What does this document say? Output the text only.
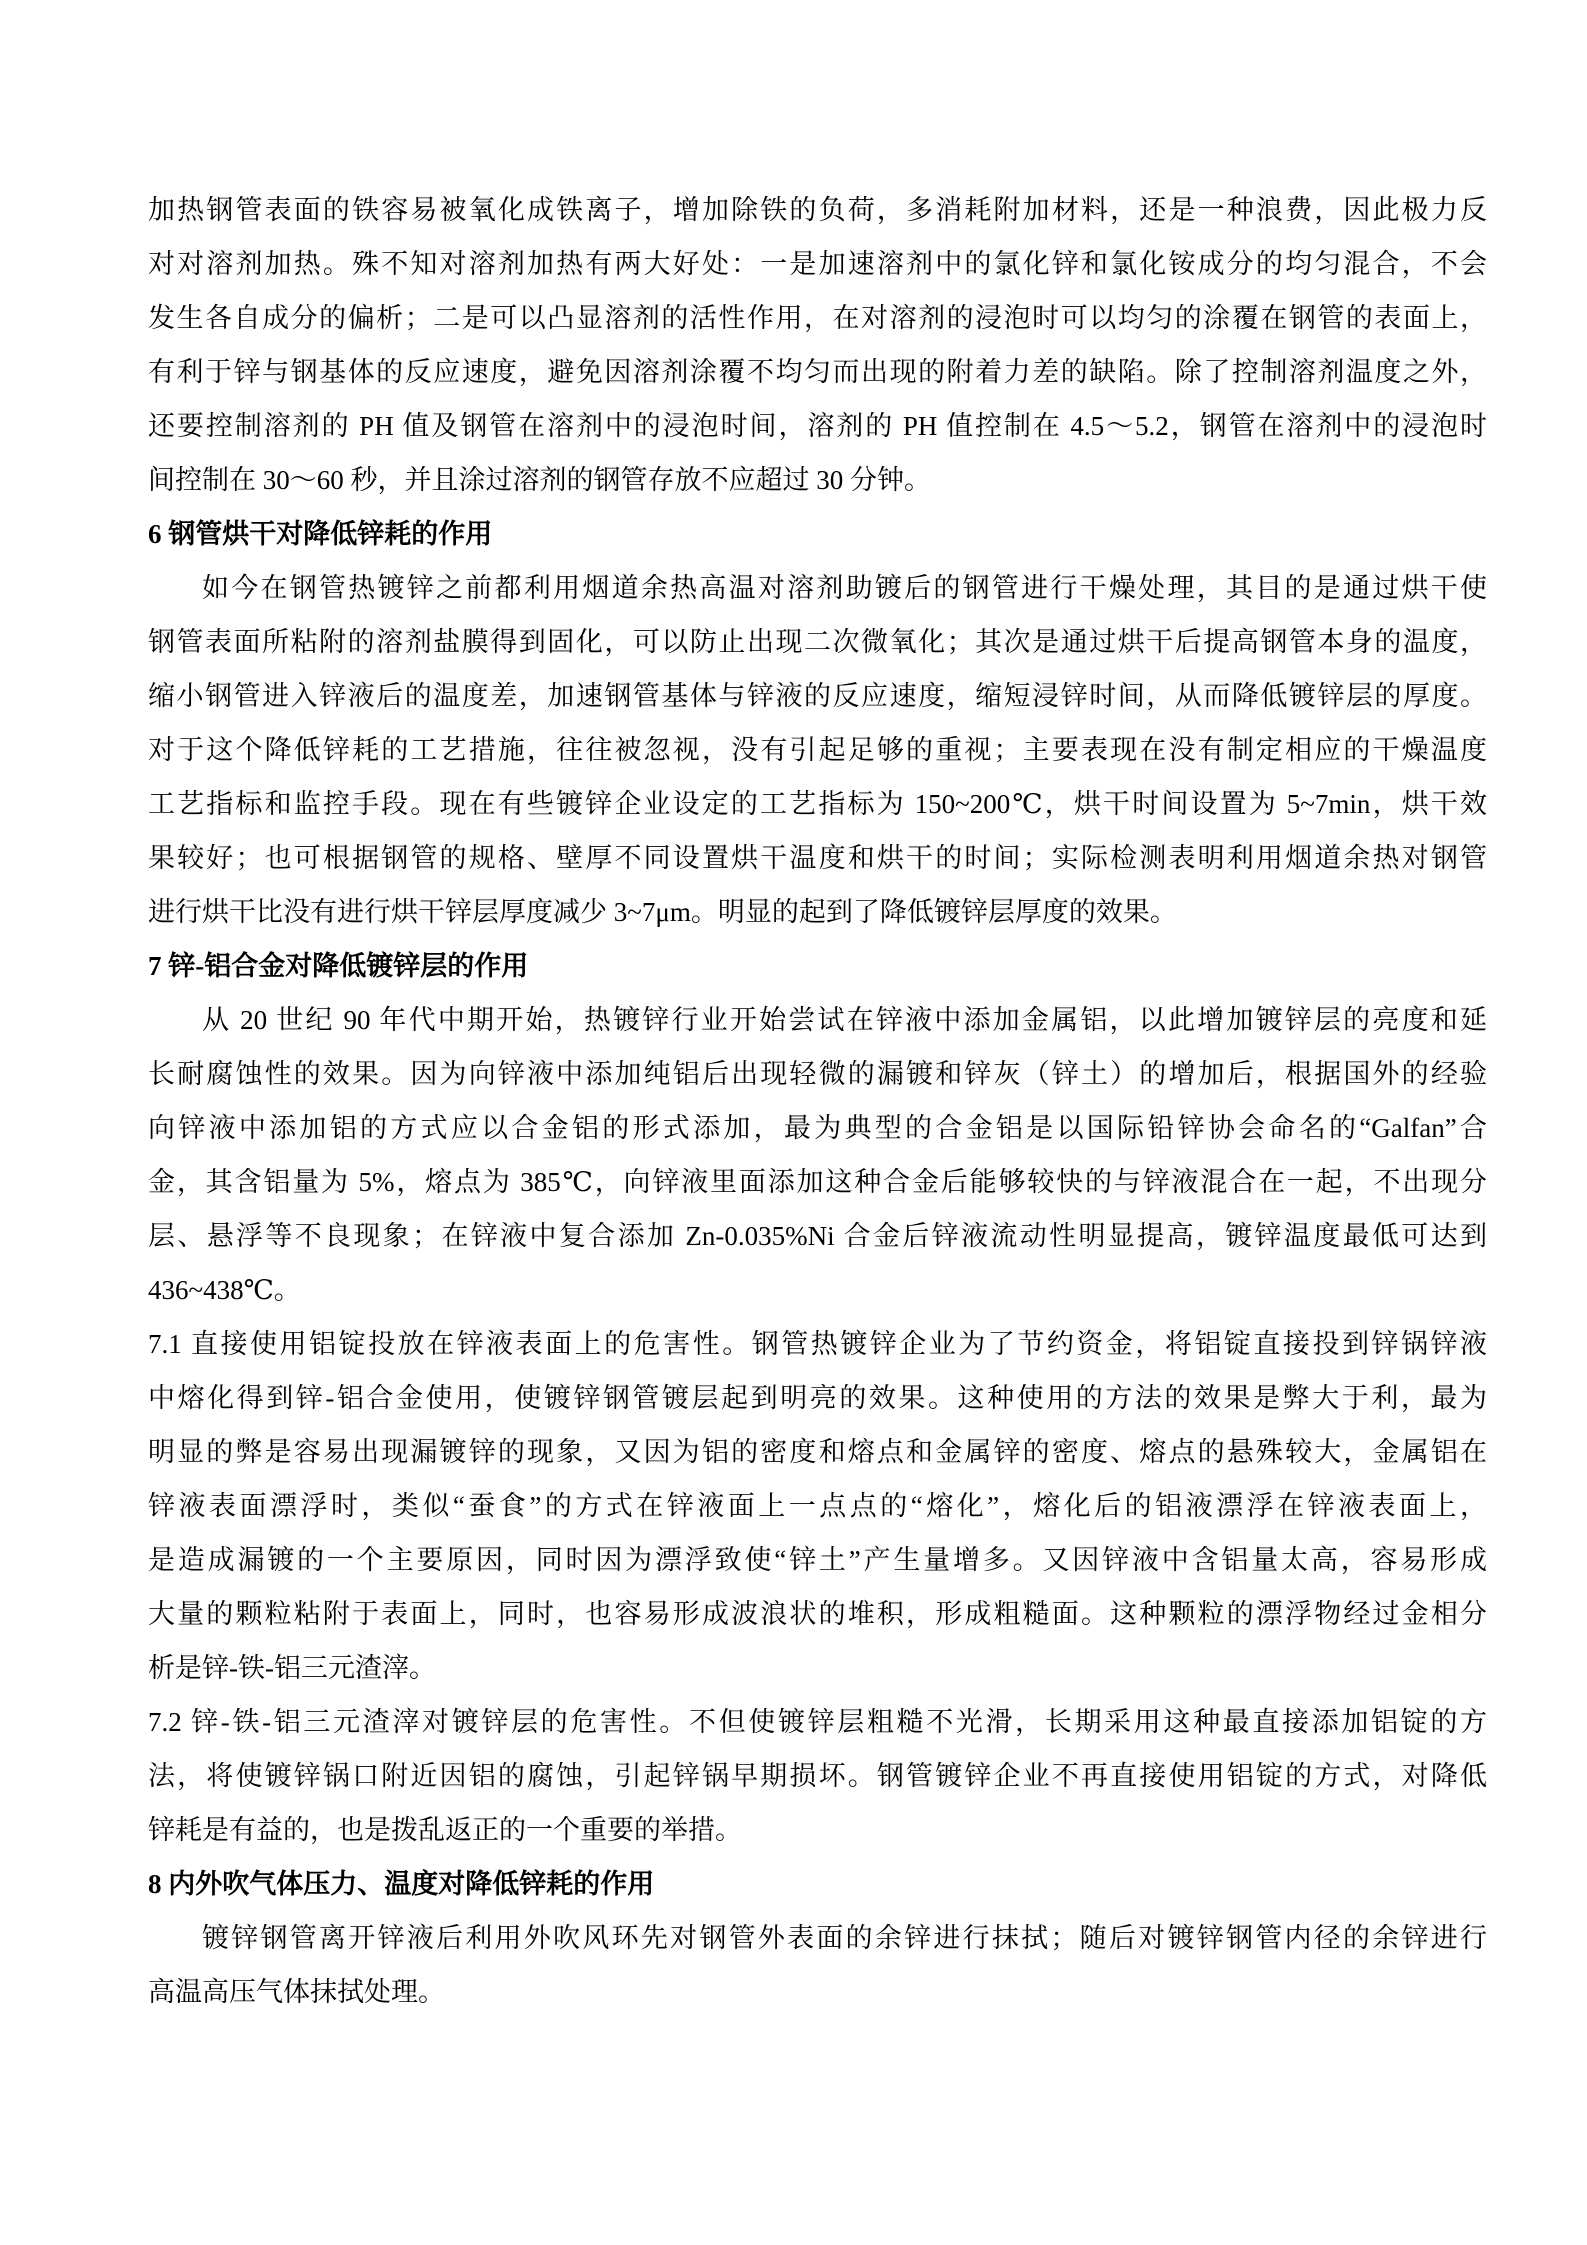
加热钢管表面的铁容易被氧化成铁离子，增加除铁的负荷，多消耗附加材料，还是一种浪费，因此极力反
对对溶剂加热。殊不知对溶剂加热有两大好处：一是加速溶剂中的氯化锌和氯化铵成分的均匀混合，不会
发生各自成分的偏析；二是可以凸显溶剂的活性作用，在对溶剂的浸泡时可以均匀的涂覆在钢管的表面上，
有利于锌与钢基体的反应速度，避免因溶剂涂覆不均匀而出现的附着力差的缺陷。除了控制溶剂温度之外，
还要控制溶剂的 PH 值及钢管在溶剂中的浸泡时间，溶剂的 PH 值控制在 4.5～5.2，钢管在溶剂中的浸泡时
间控制在 30～60 秒，并且涂过溶剂的钢管存放不应超过 30 分钟。
6 钢管烘干对降低锌耗的作用
如今在钢管热镀锌之前都利用烟道余热高温对溶剂助镀后的钢管进行干燥处理，其目的是通过烘干使
钢管表面所粘附的溶剂盐膜得到固化，可以防止出现二次微氧化；其次是通过烘干后提高钢管本身的温度，
缩小钢管进入锌液后的温度差，加速钢管基体与锌液的反应速度，缩短浸锌时间，从而降低镀锌层的厚度。
对于这个降低锌耗的工艺措施，往往被忽视，没有引起足够的重视；主要表现在没有制定相应的干燥温度
工艺指标和监控手段。现在有些镀锌企业设定的工艺指标为 150~200℃，烘干时间设置为 5~7min，烘干效
果较好；也可根据钢管的规格、壁厚不同设置烘干温度和烘干的时间；实际检测表明利用烟道余热对钢管
进行烘干比没有进行烘干锌层厚度减少 3~7μm。明显的起到了降低镀锌层厚度的效果。
7 锌-铝合金对降低镀锌层的作用
从 20 世纪 90 年代中期开始，热镀锌行业开始尝试在锌液中添加金属铝，以此增加镀锌层的亮度和延
长耐腐蚀性的效果。因为向锌液中添加纯铝后出现轻微的漏镀和锌灰（锌土）的增加后，根据国外的经验
向锌液中添加铝的方式应以合金铝的形式添加，最为典型的合金铝是以国际铅锌协会命名的“Galfan”合
金，其含铝量为 5%，熔点为 385℃，向锌液里面添加这种合金后能够较快的与锌液混合在一起，不出现分
层、悬浮等不良现象；在锌液中复合添加 Zn-0.035%Ni 合金后锌液流动性明显提高，镀锌温度最低可达到
436~438℃。
7.1 直接使用铝锭投放在锌液表面上的危害性。钢管热镀锌企业为了节约资金，将铝锭直接投到锌锅锌液
中熔化得到锌-铝合金使用，使镀锌钢管镀层起到明亮的效果。这种使用的方法的效果是弊大于利，最为
明显的弊是容易出现漏镀锌的现象，又因为铝的密度和熔点和金属锌的密度、熔点的悬殊较大，金属铝在
锌液表面漂浮时，类似“蚕食”的方式在锌液面上一点点的“熔化”，熔化后的铝液漂浮在锌液表面上，
是造成漏镀的一个主要原因，同时因为漂浮致使“锌土”产生量增多。又因锌液中含铝量太高，容易形成
大量的颗粒粘附于表面上，同时，也容易形成波浪状的堆积，形成粗糙面。这种颗粒的漂浮物经过金相分
析是锌-铁-铝三元渣滓。
7.2 锌-铁-铝三元渣滓对镀锌层的危害性。不但使镀锌层粗糙不光滑，长期采用这种最直接添加铝锭的方
法，将使镀锌锅口附近因铝的腐蚀，引起锌锅早期损坏。钢管镀锌企业不再直接使用铝锭的方式，对降低
锌耗是有益的，也是拨乱返正的一个重要的举措。
8 内外吹气体压力、温度对降低锌耗的作用
镀锌钢管离开锌液后利用外吹风环先对钢管外表面的余锌进行抹拭；随后对镀锌钢管内径的余锌进行
高温高压气体抹拭处理。
